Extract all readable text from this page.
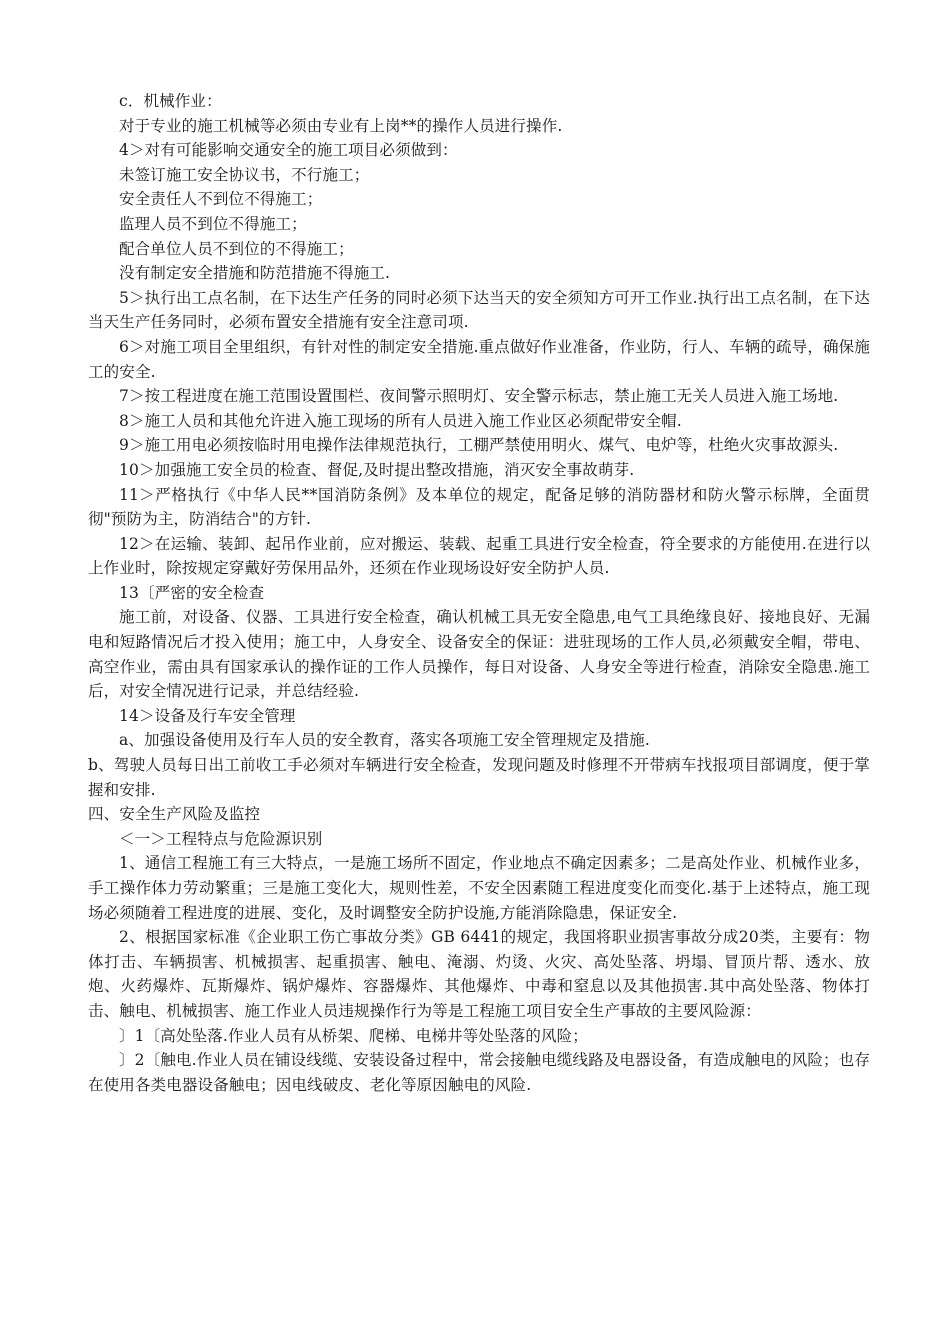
c．机械作业：

对于专业的施工机械等必须由专业有上岗**的操作人员进行操作.

4＞对有可能影响交通安全的施工项目必须做到：

未签订施工安全协议书，不行施工；

安全责任人不到位不得施工；

监理人员不到位不得施工；

配合单位人员不到位的不得施工；

没有制定安全措施和防范措施不得施工.

5＞执行出工点名制，在下达生产任务的同时必须下达当天的安全须知方可开工作业.执行出工点名制，在下达当天生产任务同时，必须布置安全措施有安全注意司项.

6＞对施工项目全里组织，有针对性的制定安全措施.重点做好作业准备，作业防，行人、车辆的疏导，确保施工的安全.

7＞按工程进度在施工范围设置围栏、夜间警示照明灯、安全警示标志，禁止施工无关人员进入施工场地.

8＞施工人员和其他允许进入施工现场的所有人员进入施工作业区必须配带安全帽.

9＞施工用电必须按临时用电操作法律规范执行，工棚严禁使用明火、煤气、电炉等，杜绝火灾事故源头.

10＞加强施工安全员的检查、督促,及时提出整改措施，消灭安全事故萌芽.

11＞严格执行《中华人民**国消防条例》及本单位的规定，配备足够的消防器材和防火警示标牌，全面贯彻"预防为主，防消结合"的方针.

12＞在运输、装卸、起吊作业前，应对搬运、装载、起重工具进行安全检查，符全要求的方能使用.在进行以上作业时，除按规定穿戴好劳保用品外，还须在作业现场设好安全防护人员.

13〔严密的安全检查

施工前，对设备、仪器、工具进行安全检查，确认机械工具无安全隐患,电气工具绝缘良好、接地良好、无漏电和短路情况后才投入使用；施工中，人身安全、设备安全的保证：进驻现场的工作人员,必须戴安全帽，带电、高空作业，需由具有国家承认的操作证的工作人员操作，每日对设备、人身安全等进行检查，消除安全隐患.施工后，对安全情况进行记录，并总结经验.

14＞设备及行车安全管理

a、加强设备使用及行车人员的安全教育，落实各项施工安全管理规定及措施.

b、驾驶人员每日出工前收工手必须对车辆进行安全检查，发现问题及时修理不开带病车找报项目部调度，便于掌握和安排.

四、安全生产风险及监控

＜一＞工程特点与危险源识别

1、通信工程施工有三大特点，一是施工场所不固定，作业地点不确定因素多；二是高处作业、机械作业多，手工操作体力劳动繁重；三是施工变化大，规则性差，不安全因素随工程进度变化而变化.基于上述特点，施工现场必须随着工程进度的进展、变化，及时调整安全防护设施,方能消除隐患，保证安全.

2、根据国家标准《企业职工伤亡事故分类》GB 6441的规定，我国将职业损害事故分成20类，主要有：物体打击、车辆损害、机械损害、起重损害、触电、淹溺、灼烫、火灾、高处坠落、坍塌、冒顶片帮、透水、放炮、火药爆炸、瓦斯爆炸、锅炉爆炸、容器爆炸、其他爆炸、中毒和窒息以及其他损害.其中高处坠落、物体打击、触电、机械损害、施工作业人员违规操作行为等是工程施工项目安全生产事故的主要风险源：

〕1〔高处坠落.作业人员有从桥架、爬梯、电梯井等处坠落的风险；

〕2〔触电.作业人员在铺设线缆、安装设备过程中，常会接触电缆线路及电器设备，有造成触电的风险；也存在使用各类电器设备触电；因电线破皮、老化等原因触电的风险.
